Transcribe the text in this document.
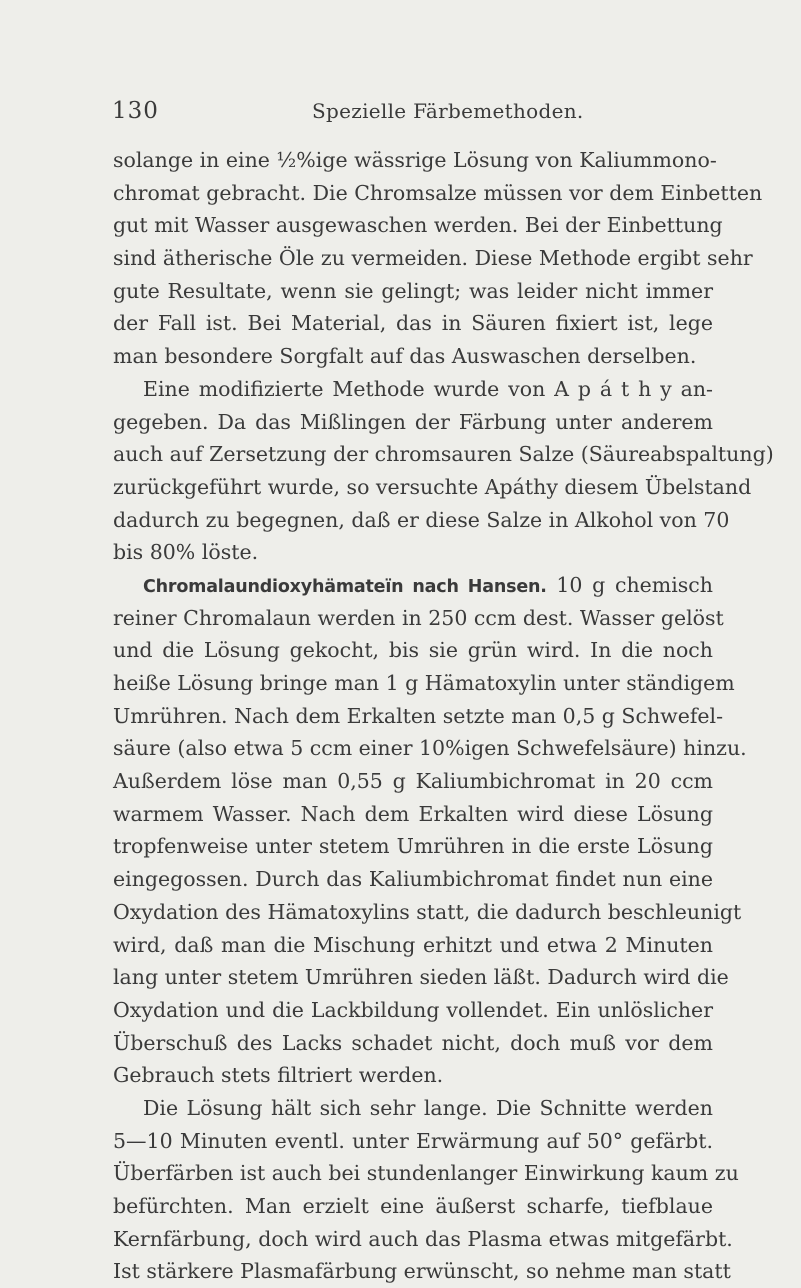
130	Spezielle Färbemethoden.
solange in eine ½%ige wässrige Lösung von Kaliummono-
chromat gebracht. Die Chromsalze müssen vor dem Einbetten
gut mit Wasser ausgewaschen werden. Bei der Einbettung
sind ätherische Öle zu vermeiden. Diese Methode ergibt sehr
gute Resultate, wenn sie gelingt; was leider nicht immer
der Fall ist. Bei Material, das in Säuren fixiert ist, lege
man besondere Sorgfalt auf das Auswaschen derselben.
Eine modifizierte Methode wurde von A p á t h y an-
gegeben. Da das Mißlingen der Färbung unter anderem
auch auf Zersetzung der chromsauren Salze (Säureabspaltung)
zurückgeführt wurde, so versuchte Apáthy diesem Übelstand
dadurch zu begegnen, daß er diese Salze in Alkohol von 70
bis 80% löste.
Chromalaundioxyhämateïn nach Hansen. 10 g chemisch
reiner Chromalaun werden in 250 ccm dest. Wasser gelöst
und die Lösung gekocht, bis sie grün wird. In die noch
heiße Lösung bringe man 1 g Hämatoxylin unter ständigem
Umrühren. Nach dem Erkalten setzte man 0,5 g Schwefel-
säure (also etwa 5 ccm einer 10%igen Schwefelsäure) hinzu.
Außerdem löse man 0,55 g Kaliumbichromat in 20 ccm
warmem Wasser. Nach dem Erkalten wird diese Lösung
tropfenweise unter stetem Umrühren in die erste Lösung
eingegossen. Durch das Kaliumbichromat findet nun eine
Oxydation des Hämatoxylins statt, die dadurch beschleunigt
wird, daß man die Mischung erhitzt und etwa 2 Minuten
lang unter stetem Umrühren sieden läßt. Dadurch wird die
Oxydation und die Lackbildung vollendet. Ein unlöslicher
Überschuß des Lacks schadet nicht, doch muß vor dem
Gebrauch stets filtriert werden.
Die Lösung hält sich sehr lange. Die Schnitte werden
5—10 Minuten eventl. unter Erwärmung auf 50° gefärbt.
Überfärben ist auch bei stundenlanger Einwirkung kaum zu
befürchten. Man erzielt eine äußerst scharfe, tiefblaue
Kernfärbung, doch wird auch das Plasma etwas mitgefärbt.
Ist stärkere Plasmafärbung erwünscht, so nehme man statt
